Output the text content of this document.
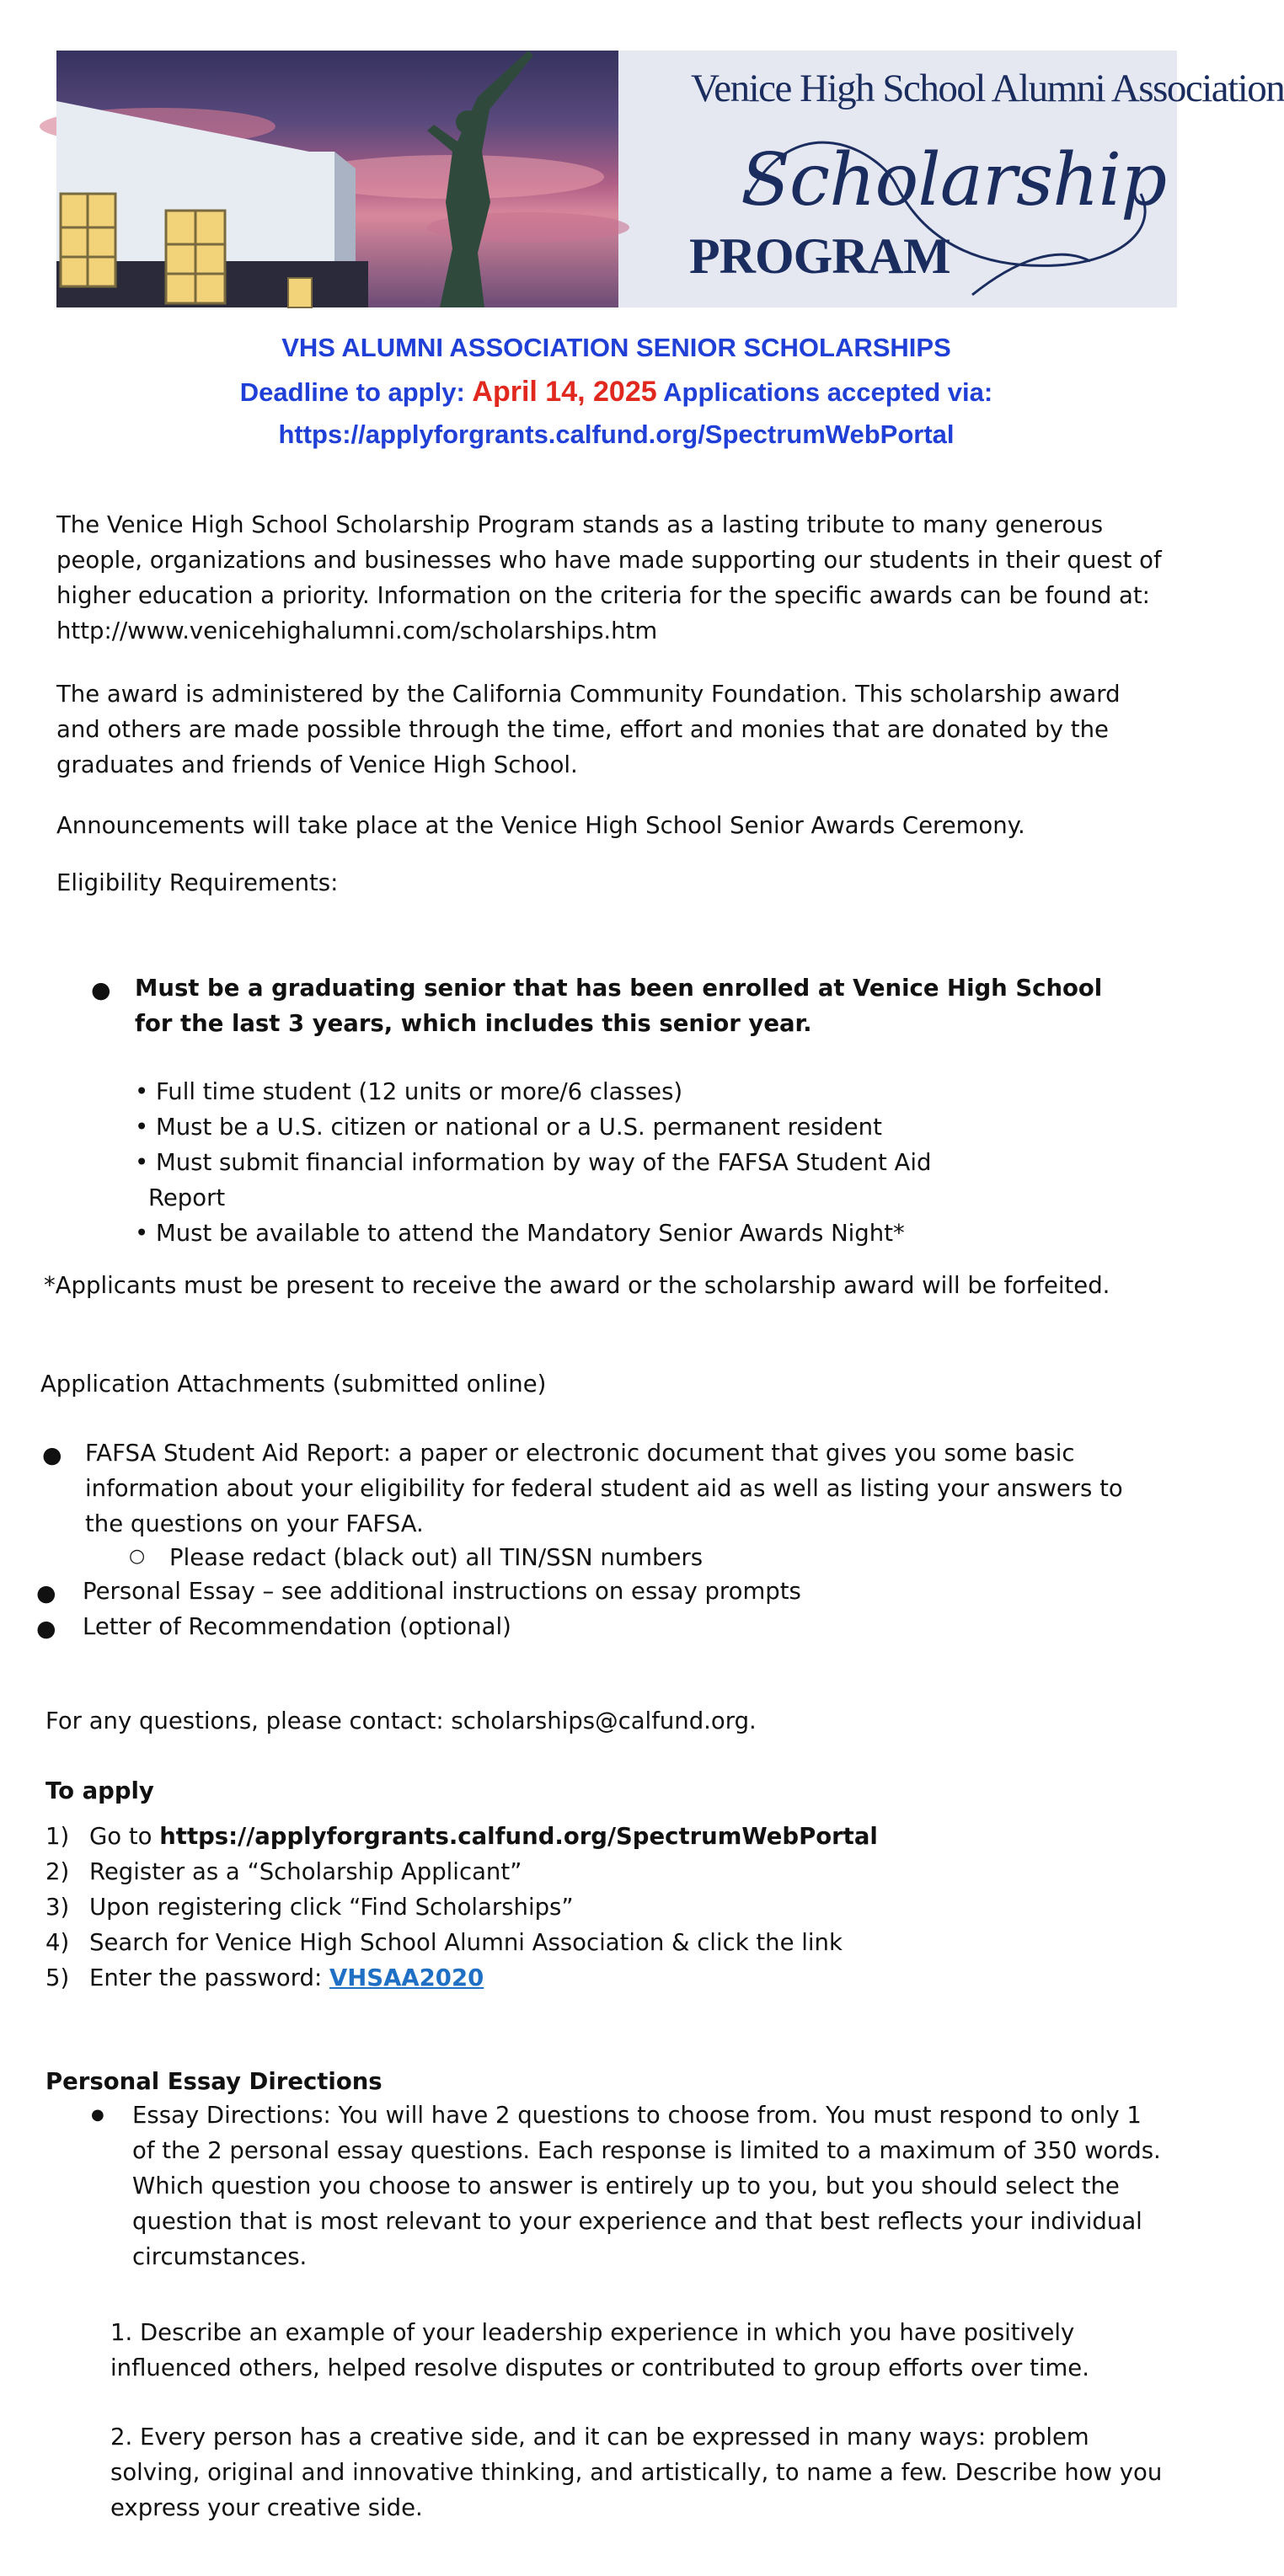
Venice High School Alumni Association
Scholarship
PROGRAM
VHS ALUMNI ASSOCIATION SENIOR SCHOLARSHIPS
Deadline to apply: April 14, 2025 Applications accepted via:
https://applyforgrants.calfund.org/SpectrumWebPortal
The Venice High School Scholarship Program stands as a lasting tribute to many generous
people, organizations and businesses who have made supporting our students in their quest of
higher education a priority. Information on the criteria for the specific awards can be found at:
http://www.venicehighalumni.com/scholarships.htm
The award is administered by the California Community Foundation. This scholarship award
and others are made possible through the time, effort and monies that are donated by the
graduates and friends of Venice High School.
Announcements will take place at the Venice High School Senior Awards Ceremony.
Eligibility Requirements:
● Must be a graduating senior that has been enrolled at Venice High School
for the last 3 years, which includes this senior year.
• Full time student (12 units or more/6 classes)
• Must be a U.S. citizen or national or a U.S. permanent resident
• Must submit financial information by way of the FAFSA Student Aid
Report
• Must be available to attend the Mandatory Senior Awards Night*
*Applicants must be present to receive the award or the scholarship award will be forfeited.
Application Attachments (submitted online)
● FAFSA Student Aid Report: a paper or electronic document that gives you some basic
information about your eligibility for federal student aid as well as listing your answers to
the questions on your FAFSA.
○ Please redact (black out) all TIN/SSN numbers
● Personal Essay – see additional instructions on essay prompts
● Letter of Recommendation (optional)
For any questions, please contact: scholarships@calfund.org.
To apply
1) Go to https://applyforgrants.calfund.org/SpectrumWebPortal
2) Register as a “Scholarship Applicant”
3) Upon registering click “Find Scholarships”
4) Search for Venice High School Alumni Association & click the link
5) Enter the password: VHSAA2020
Personal Essay Directions
● Essay Directions: You will have 2 questions to choose from. You must respond to only 1
of the 2 personal essay questions. Each response is limited to a maximum of 350 words.
Which question you choose to answer is entirely up to you, but you should select the
question that is most relevant to your experience and that best reflects your individual
circumstances.
1. Describe an example of your leadership experience in which you have positively
influenced others, helped resolve disputes or contributed to group efforts over time.
2. Every person has a creative side, and it can be expressed in many ways: problem
solving, original and innovative thinking, and artistically, to name a few. Describe how you
express your creative side.
